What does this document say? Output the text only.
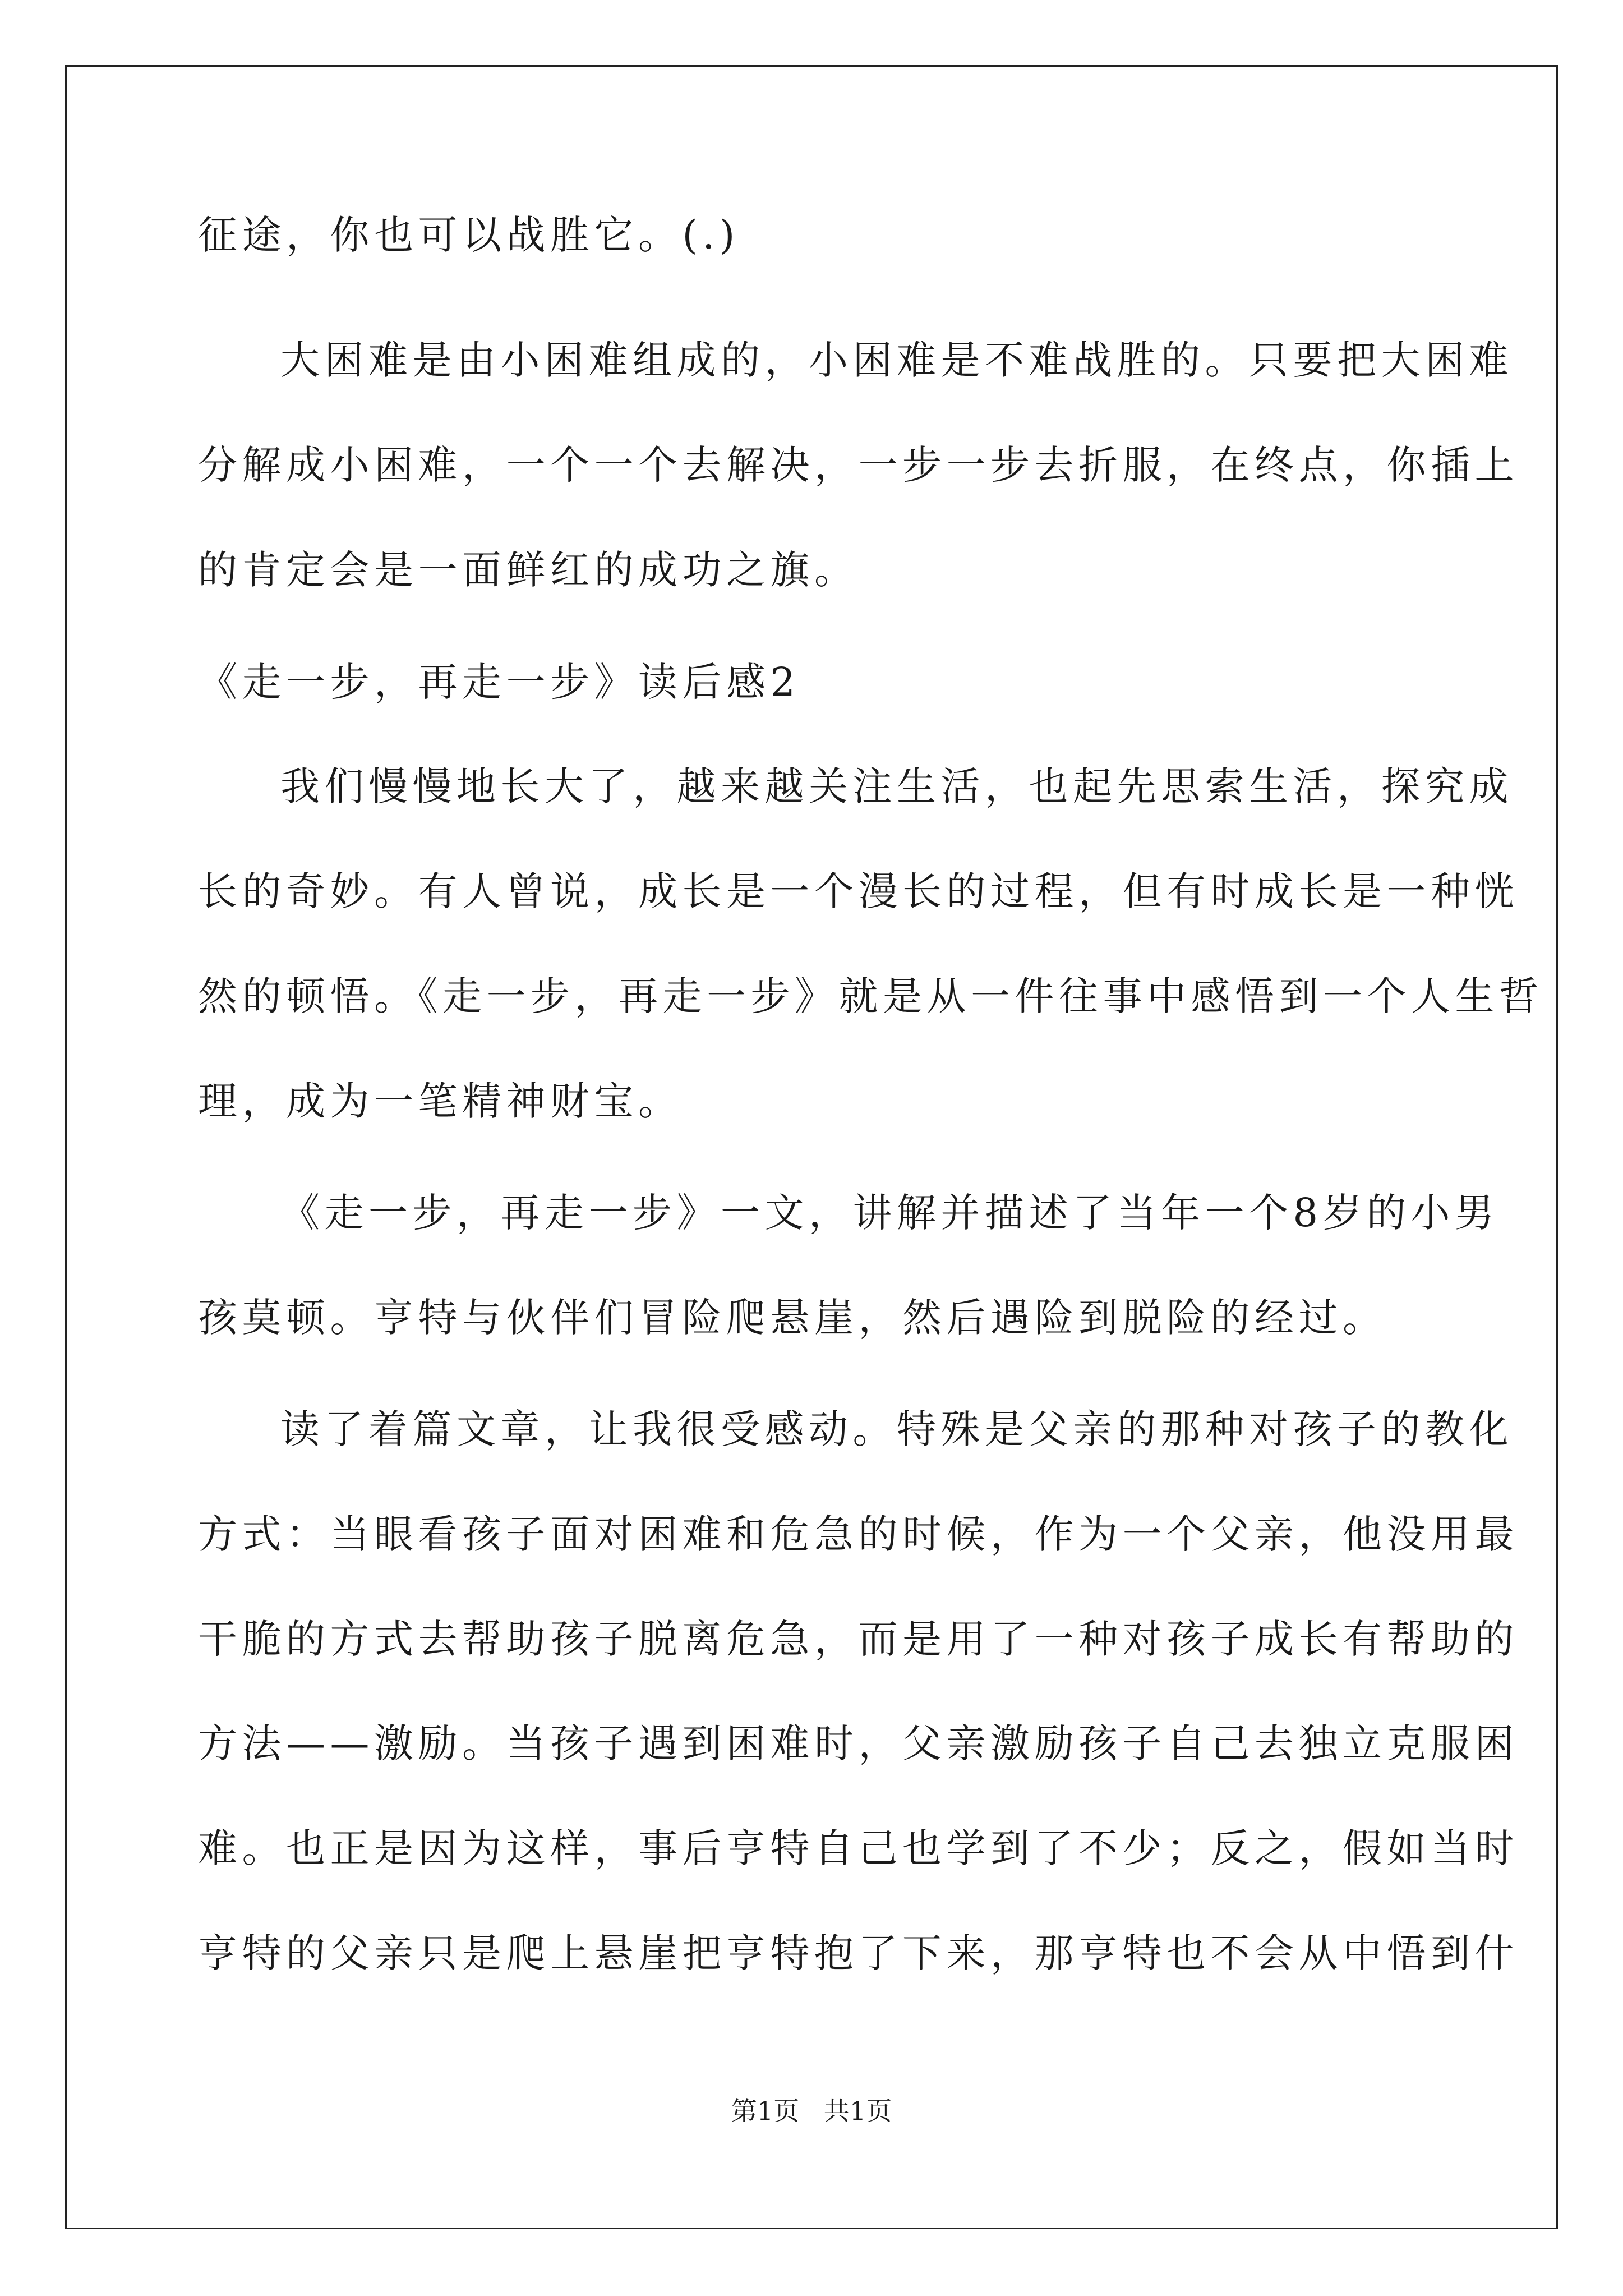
征途，你也可以战胜它。(.)
大困难是由小困难组成的，小困难是不难战胜的。只要把大困难
分解成小困难，一个一个去解决，一步一步去折服，在终点，你插上
的肯定会是一面鲜红的成功之旗。
《走一步，再走一步》读后感2
我们慢慢地长大了，越来越关注生活，也起先思索生活，探究成
长的奇妙。有人曾说，成长是一个漫长的过程，但有时成长是一种恍
然的顿悟。《走一步，再走一步》就是从一件往事中感悟到一个人生哲
理，成为一笔精神财宝。
《走一步，再走一步》一文，讲解并描述了当年一个8岁的小男
孩莫顿。亨特与伙伴们冒险爬悬崖，然后遇险到脱险的经过。
读了着篇文章，让我很受感动。特殊是父亲的那种对孩子的教化
方式：当眼看孩子面对困难和危急的时候，作为一个父亲，他没用最
干脆的方式去帮助孩子脱离危急，而是用了一种对孩子成长有帮助的
方法——激励。当孩子遇到困难时，父亲激励孩子自己去独立克服困
难。也正是因为这样，事后亨特自己也学到了不少；反之，假如当时
亨特的父亲只是爬上悬崖把亨特抱了下来，那亨特也不会从中悟到什
第1页   共1页
